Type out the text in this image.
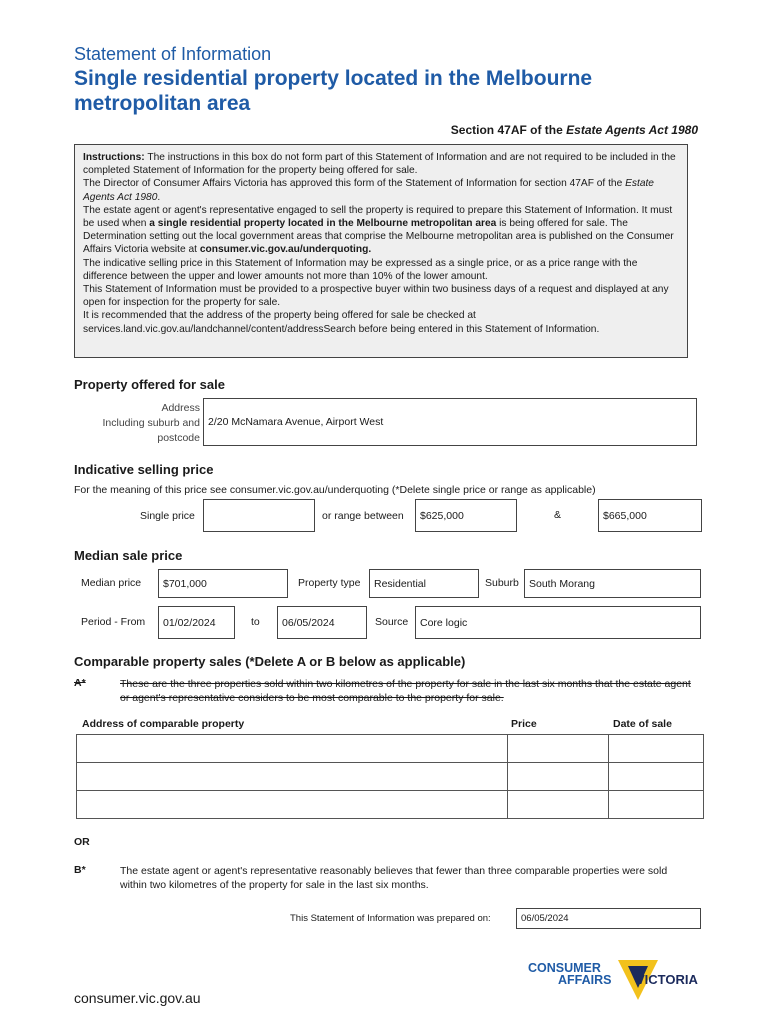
Statement of Information
Single residential property located in the Melbourne metropolitan area
Section 47AF of the Estate Agents Act 1980

Instructions: The instructions in this box do not form part of this Statement of Information and are not required to be included in the completed Statement of Information for the property being offered for sale.

The Director of Consumer Affairs Victoria has approved this form of the Statement of Information for section 47AF of the Estate Agents Act 1980.

The estate agent or agent's representative engaged to sell the property is required to prepare this Statement of Information. It must be used when a single residential property located in the Melbourne metropolitan area is being offered for sale. The Determination setting out the local government areas that comprise the Melbourne metropolitan area is published on the Consumer Affairs Victoria website at consumer.vic.gov.au/underquoting.

The indicative selling price in this Statement of Information may be expressed as a single price, or as a price range with the difference between the upper and lower amounts not more than 10% of the lower amount.

This Statement of Information must be provided to a prospective buyer within two business days of a request and displayed at any open for inspection for the property for sale.

It is recommended that the address of the property being offered for sale be checked at services.land.vic.gov.au/landchannel/content/addressSearch before being entered in this Statement of Information.

Property offered for sale
Address
Including suburb and
postcode
2/20 McNamara Avenue, Airport West
Indicative selling price
For the meaning of this price see consumer.vic.gov.au/underquoting (*Delete single price or range as applicable)
Single price	or range between	$625,000	&	$665,000
Median sale price
Median price	$701,000	Property type	Residential	Suburb South Morang
Period - From	01/02/2024	to	06/05/2024	Source	Core logic
Comparable property sales (*Delete A or B below as applicable)
A*	These are the three properties sold within two kilometres of the property for sale in the last six months that the estate agent or agent's representative considers to be most comparable to the property for sale.
Address of comparable property	Price	Date of sale

OR
B*	The estate agent or agent's representative reasonably believes that fewer than three comparable properties were sold within two kilometres of the property for sale in the last six months.
This Statement of Information was prepared on:	06/05/2024
CONSUMER
AFFAIRS VICTORIA
consumer.vic.gov.au
